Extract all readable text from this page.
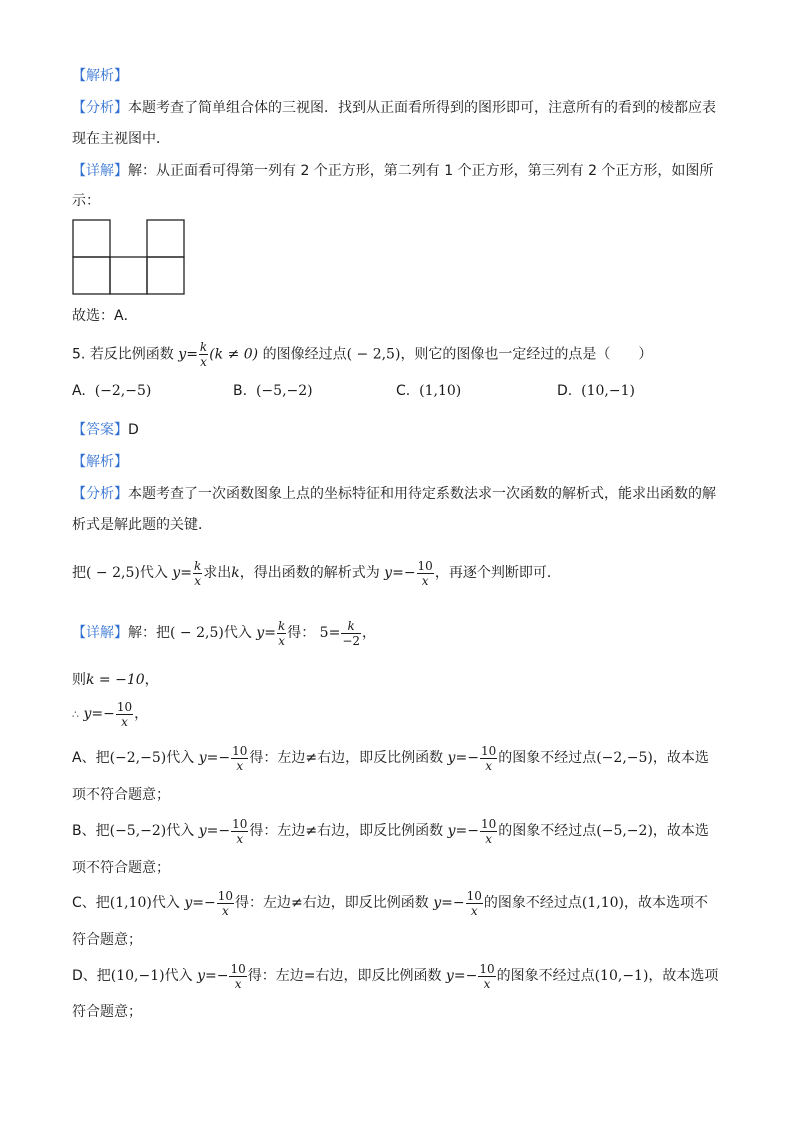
【解析】
【分析】本题考查了简单组合体的三视图．找到从正面看所得到的图形即可，注意所有的看到的棱都应表
现在主视图中．
【详解】解：从正面看可得第一列有 2 个正方形，第二列有 1 个正方形，第三列有 2 个正方形，如图所
示：
故选：A．
5. 若反比例函数 $y= \frac{k}{x} (k \ne 0)$ 的图像经过点( − 2,5)，则它的图像也一定经过的点是（　　）
A. (−2,−5)	B. (−5,−2)	C. (1,10)	D. (10,−1)
【答案】D
【解析】
【分析】本题考查了一次函数图象上点的坐标特征和用待定系数法求一次函数的解析式，能求出函数的解
析式是解此题的关键．
把( − 2,5)代入 $y= \frac{k}{x}$ 求出k，得出函数的解析式为 $y=- \frac{10}{x}$ ，再逐个判断即可．
【详解】解：把( − 2,5)代入 $y= \frac{k}{x}$ 得： $5= \frac{k}{-2}$ ，
则k = −10，
∴ $y=- \frac{10}{x}$ ，
A、把(−2,−5)代入 $y=- \frac{10}{x}$ 得：左边≠右边，即反比例函数 $y=- \frac{10}{x}$ 的图象不经过点(−2,−5)，故本选
项不符合题意；
B、把(−5,−2)代入 $y=- \frac{10}{x}$ 得：左边≠右边，即反比例函数 $y=- \frac{10}{x}$ 的图象不经过点(−5,−2)，故本选
项不符合题意；
C、把(1,10)代入 $y=- \frac{10}{x}$ 得：左边≠右边，即反比例函数 $y=- \frac{10}{x}$ 的图象不经过点(1,10)，故本选项不
符合题意；
D、把(10,−1)代入 $y=- \frac{10}{x}$ 得：左边=右边，即反比例函数 $y=- \frac{10}{x}$ 的图象不经过点(10,−1)，故本选项
符合题意；
